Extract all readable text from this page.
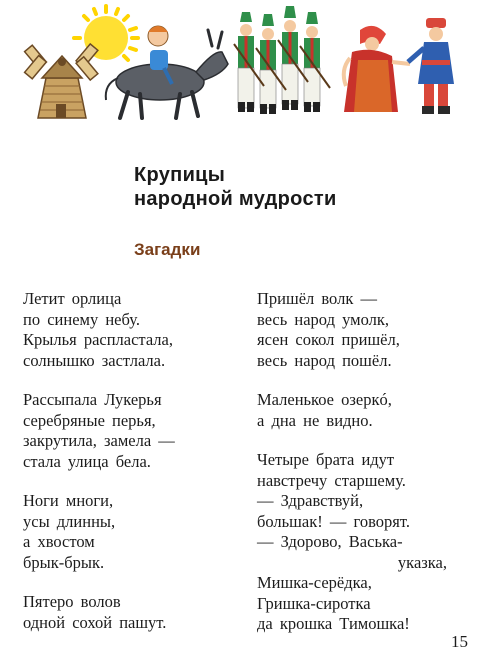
Крупицы
народной мудрости
Загадки
Летит орлица
по синему небу.
Крылья распластала,
солнышко застлала.
Рассыпала Лукерья
серебряные перья,
закрутила, замела —
стала улица бела.
Ноги многи,
усы длинны,
а хвостом
брык-брык.
Пятеро волов
одной сохой пашут.
Пришёл волк —
весь народ умолк,
ясен сокол пришёл,
весь народ пошёл.
Маленькое озеркó,
а дна не видно.
Четыре брата идут
навстречу старшему.
— Здравствуй,
большак! — говорят.
— Здорово, Васька-
указка,
Мишка-серёдка,
Гришка-сиротка
да крошка Тимошка!
15
